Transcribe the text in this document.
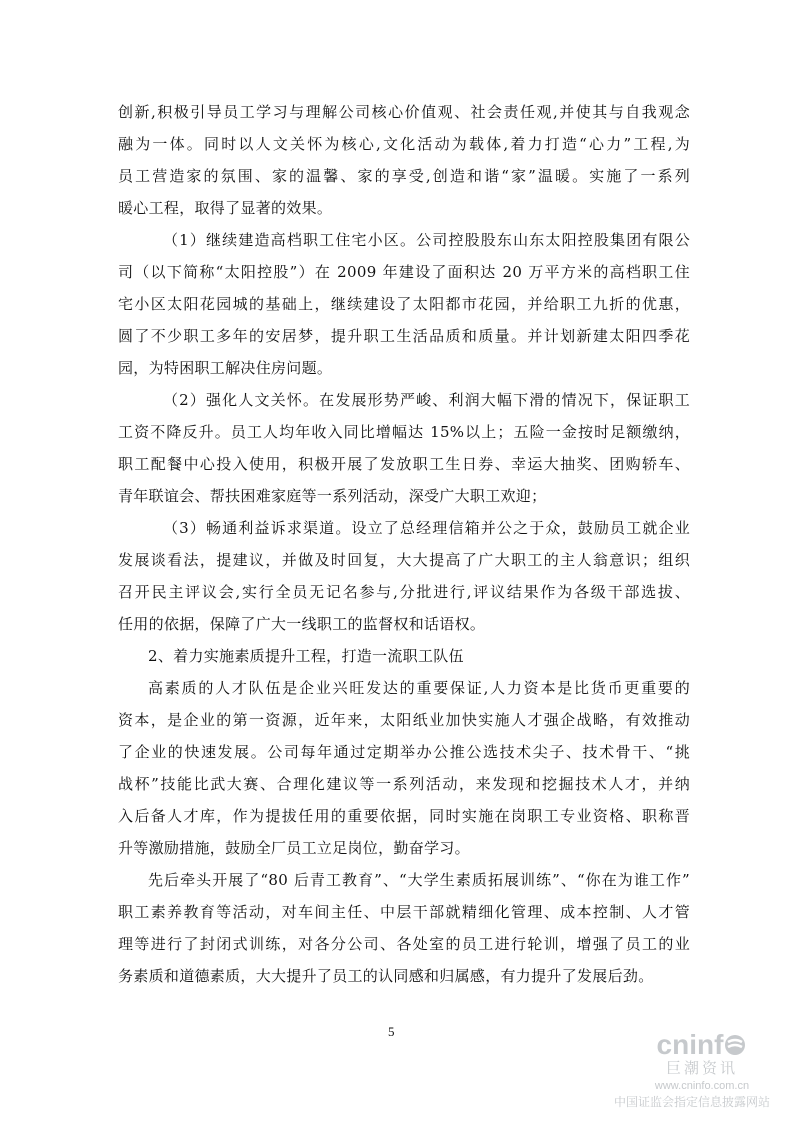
创新,积极引导员工学习与理解公司核心价值观、社会责任观,并使其与自我观念
融为一体。同时以人文关怀为核心,文化活动为载体,着力打造“心力”工程,为
员工营造家的氛围、家的温馨、家的享受,创造和谐“家”温暖。实施了一系列
暖心工程，取得了显著的效果。
（1）继续建造高档职工住宅小区。公司控股股东山东太阳控股集团有限公
司（以下简称“太阳控股”）在 2009 年建设了面积达 20 万平方米的高档职工住
宅小区太阳花园城的基础上，继续建设了太阳都市花园，并给职工九折的优惠，
圆了不少职工多年的安居梦，提升职工生活品质和质量。并计划新建太阳四季花
园，为特困职工解决住房问题。
（2）强化人文关怀。在发展形势严峻、利润大幅下滑的情况下，保证职工
工资不降反升。员工人均年收入同比增幅达 15%以上；五险一金按时足额缴纳，
职工配餐中心投入使用，积极开展了发放职工生日券、幸运大抽奖、团购轿车、
青年联谊会、帮扶困难家庭等一系列活动，深受广大职工欢迎；
（3）畅通利益诉求渠道。设立了总经理信箱并公之于众，鼓励员工就企业
发展谈看法，提建议，并做及时回复，大大提高了广大职工的主人翁意识；组织
召开民主评议会,实行全员无记名参与,分批进行,评议结果作为各级干部选拔、
任用的依据，保障了广大一线职工的监督权和话语权。
2、着力实施素质提升工程，打造一流职工队伍
高素质的人才队伍是企业兴旺发达的重要保证,人力资本是比货币更重要的
资本，是企业的第一资源，近年来，太阳纸业加快实施人才强企战略，有效推动
了企业的快速发展。公司每年通过定期举办公推公选技术尖子、技术骨干、“挑
战杯”技能比武大赛、合理化建议等一系列活动，来发现和挖掘技术人才，并纳
入后备人才库，作为提拔任用的重要依据，同时实施在岗职工专业资格、职称晋
升等激励措施，鼓励全厂员工立足岗位，勤奋学习。
先后牵头开展了“80 后青工教育”、“大学生素质拓展训练”、“你在为谁工作”
职工素养教育等活动，对车间主任、中层干部就精细化管理、成本控制、人才管
理等进行了封闭式训练，对各分公司、各处室的员工进行轮训，增强了员工的业
务素质和道德素质，大大提升了员工的认同感和归属感，有力提升了发展后劲。
5	cninf
巨潮资讯
www.cninfo.com.cn
中国证监会指定信息披露网站
